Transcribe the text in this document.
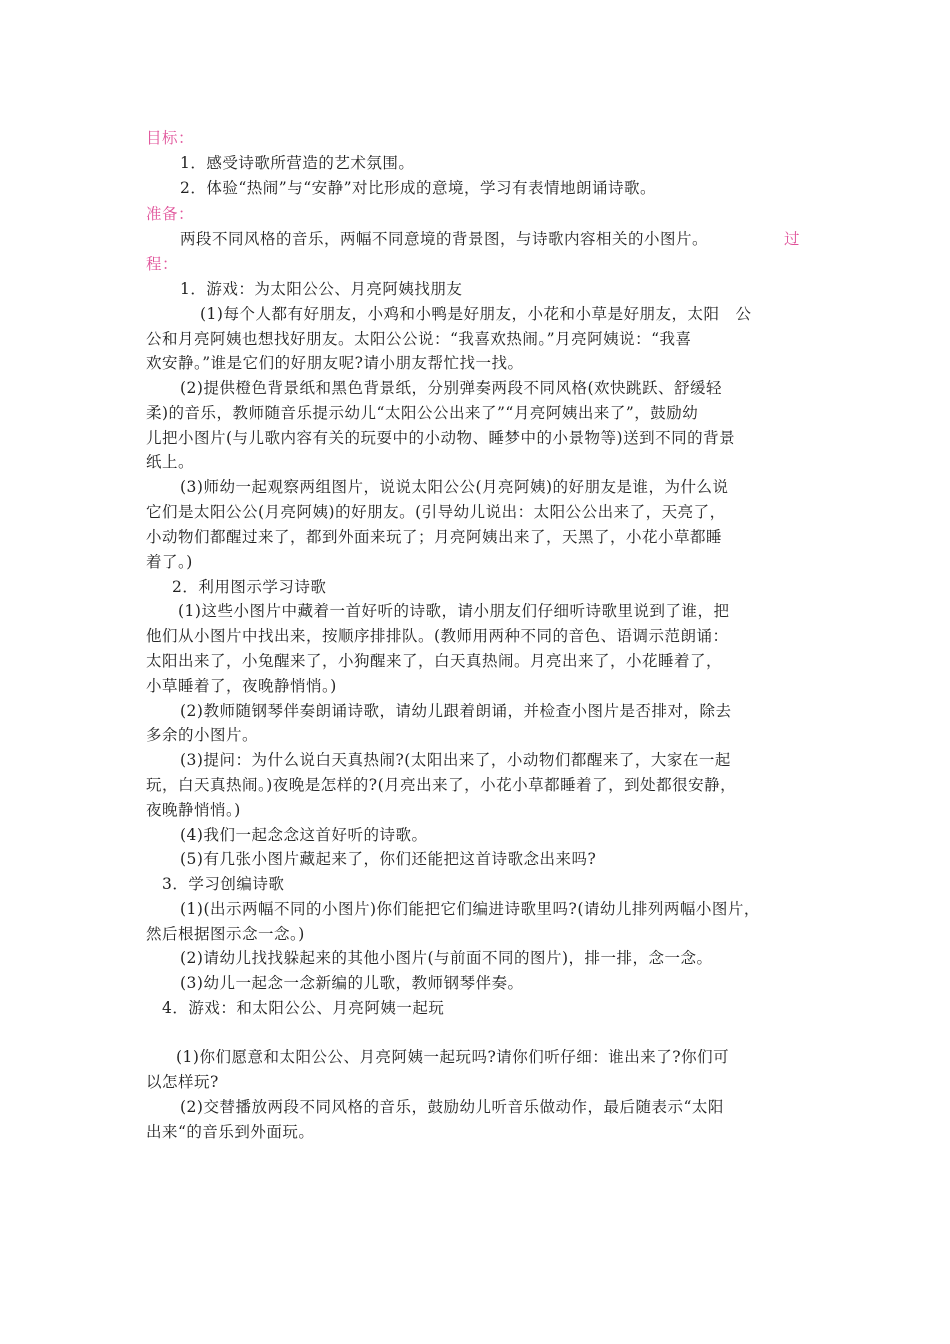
目标：
1．感受诗歌所营造的艺术氛围。
2．体验“热闹”与“安静”对比形成的意境，学习有表情地朗诵诗歌。
准备：
两段不同风格的音乐，两幅不同意境的背景图，与诗歌内容相关的小图片。	过
程：
1．游戏：为太阳公公、月亮阿姨找朋友
(1)每个人都有好朋友，小鸡和小鸭是好朋友，小花和小草是好朋友，太阳　公
公和月亮阿姨也想找好朋友。太阳公公说：“我喜欢热闹。”月亮阿姨说：“我喜
欢安静。”谁是它们的好朋友呢?请小朋友帮忙找一找。
(2)提供橙色背景纸和黑色背景纸，分别弹奏两段不同风格(欢快跳跃、舒缓轻
柔)的音乐，教师随音乐提示幼儿“太阳公公出来了”“月亮阿姨出来了”，鼓励幼
儿把小图片(与儿歌内容有关的玩耍中的小动物、睡梦中的小景物等)送到不同的背景
纸上。
(3)师幼一起观察两组图片，说说太阳公公(月亮阿姨)的好朋友是谁，为什么说
它们是太阳公公(月亮阿姨)的好朋友。(引导幼儿说出：太阳公公出来了，天亮了，
小动物们都醒过来了，都到外面来玩了；月亮阿姨出来了，天黑了，小花小草都睡
着了。)
2．利用图示学习诗歌
(1)这些小图片中藏着一首好听的诗歌，请小朋友们仔细听诗歌里说到了谁，把
他们从小图片中找出来，按顺序排排队。(教师用两种不同的音色、语调示范朗诵：
太阳出来了，小兔醒来了，小狗醒来了，白天真热闹。月亮出来了，小花睡着了，
小草睡着了，夜晚静悄悄。)
(2)教师随钢琴伴奏朗诵诗歌，请幼儿跟着朗诵，并检查小图片是否排对，除去
多余的小图片。
(3)提问：为什么说白天真热闹?(太阳出来了，小动物们都醒来了，大家在一起
玩，白天真热闹。)夜晚是怎样的?(月亮出来了，小花小草都睡着了，到处都很安静，
夜晚静悄悄。)
(4)我们一起念念这首好听的诗歌。
(5)有几张小图片藏起来了，你们还能把这首诗歌念出来吗?
3．学习创编诗歌
(1)(出示两幅不同的小图片)你们能把它们编进诗歌里吗?(请幼儿排列两幅小图片，
然后根据图示念一念。)
(2)请幼儿找找躲起来的其他小图片(与前面不同的图片)，排一排，念一念。
(3)幼儿一起念一念新编的儿歌，教师钢琴伴奏。
4．游戏：和太阳公公、月亮阿姨一起玩
(1)你们愿意和太阳公公、月亮阿姨一起玩吗?请你们听仔细：谁出来了?你们可
以怎样玩?
(2)交替播放两段不同风格的音乐，鼓励幼儿听音乐做动作，最后随表示“太阳
出来“的音乐到外面玩。
